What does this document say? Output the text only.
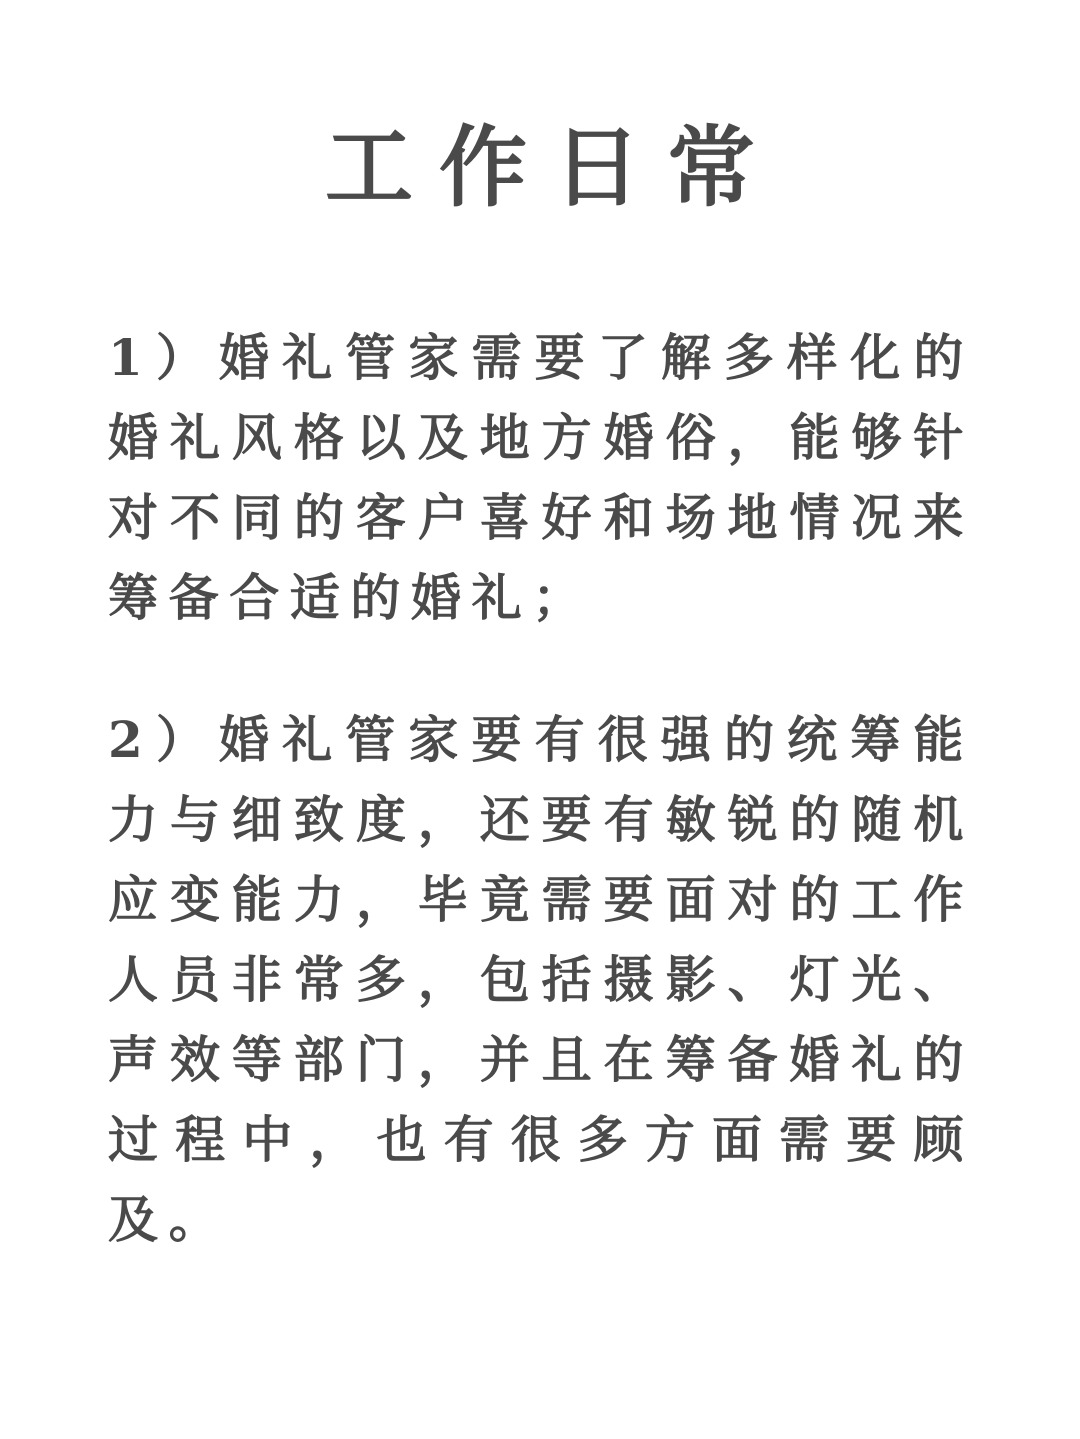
工作日常

1）婚礼管家需要了解多样化的婚礼风格以及地方婚俗，能够针对不同的客户喜好和场地情况来筹备合适的婚礼；

2）婚礼管家要有很强的统筹能力与细致度，还要有敏锐的随机应变能力，毕竟需要面对的工作人员非常多，包括摄影、灯光、声效等部门，并且在筹备婚礼的过程中，也有很多方面需要顾及。
